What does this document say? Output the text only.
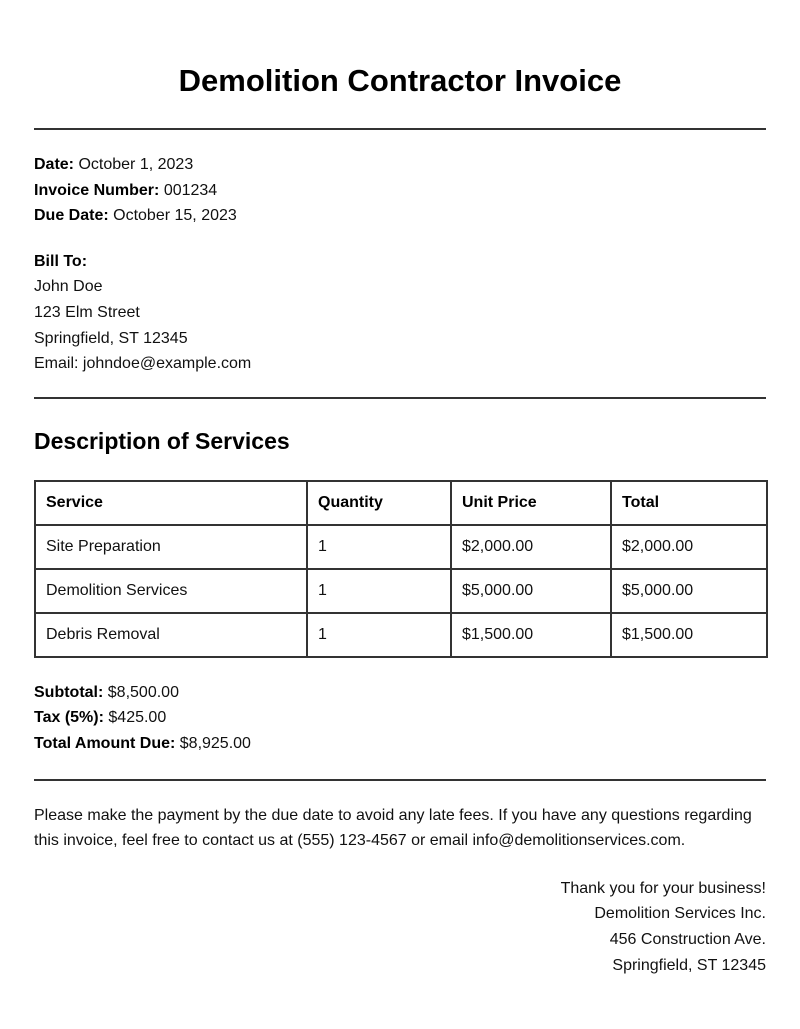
Demolition Contractor Invoice
Date: October 1, 2023
Invoice Number: 001234
Due Date: October 15, 2023
Bill To:
John Doe
123 Elm Street
Springfield, ST 12345
Email: johndoe@example.com
Description of Services
Service	Quantity	Unit Price	Total
Site Preparation	1	$2,000.00	$2,000.00
Demolition Services	1	$5,000.00	$5,000.00
Debris Removal	1	$1,500.00	$1,500.00
Subtotal: $8,500.00
Tax (5%): $425.00
Total Amount Due: $8,925.00
Please make the payment by the due date to avoid any late fees. If you have any questions regarding this invoice, feel free to contact us at (555) 123-4567 or email info@demolitionservices.com.
Thank you for your business!
Demolition Services Inc.
456 Construction Ave.
Springfield, ST 12345
